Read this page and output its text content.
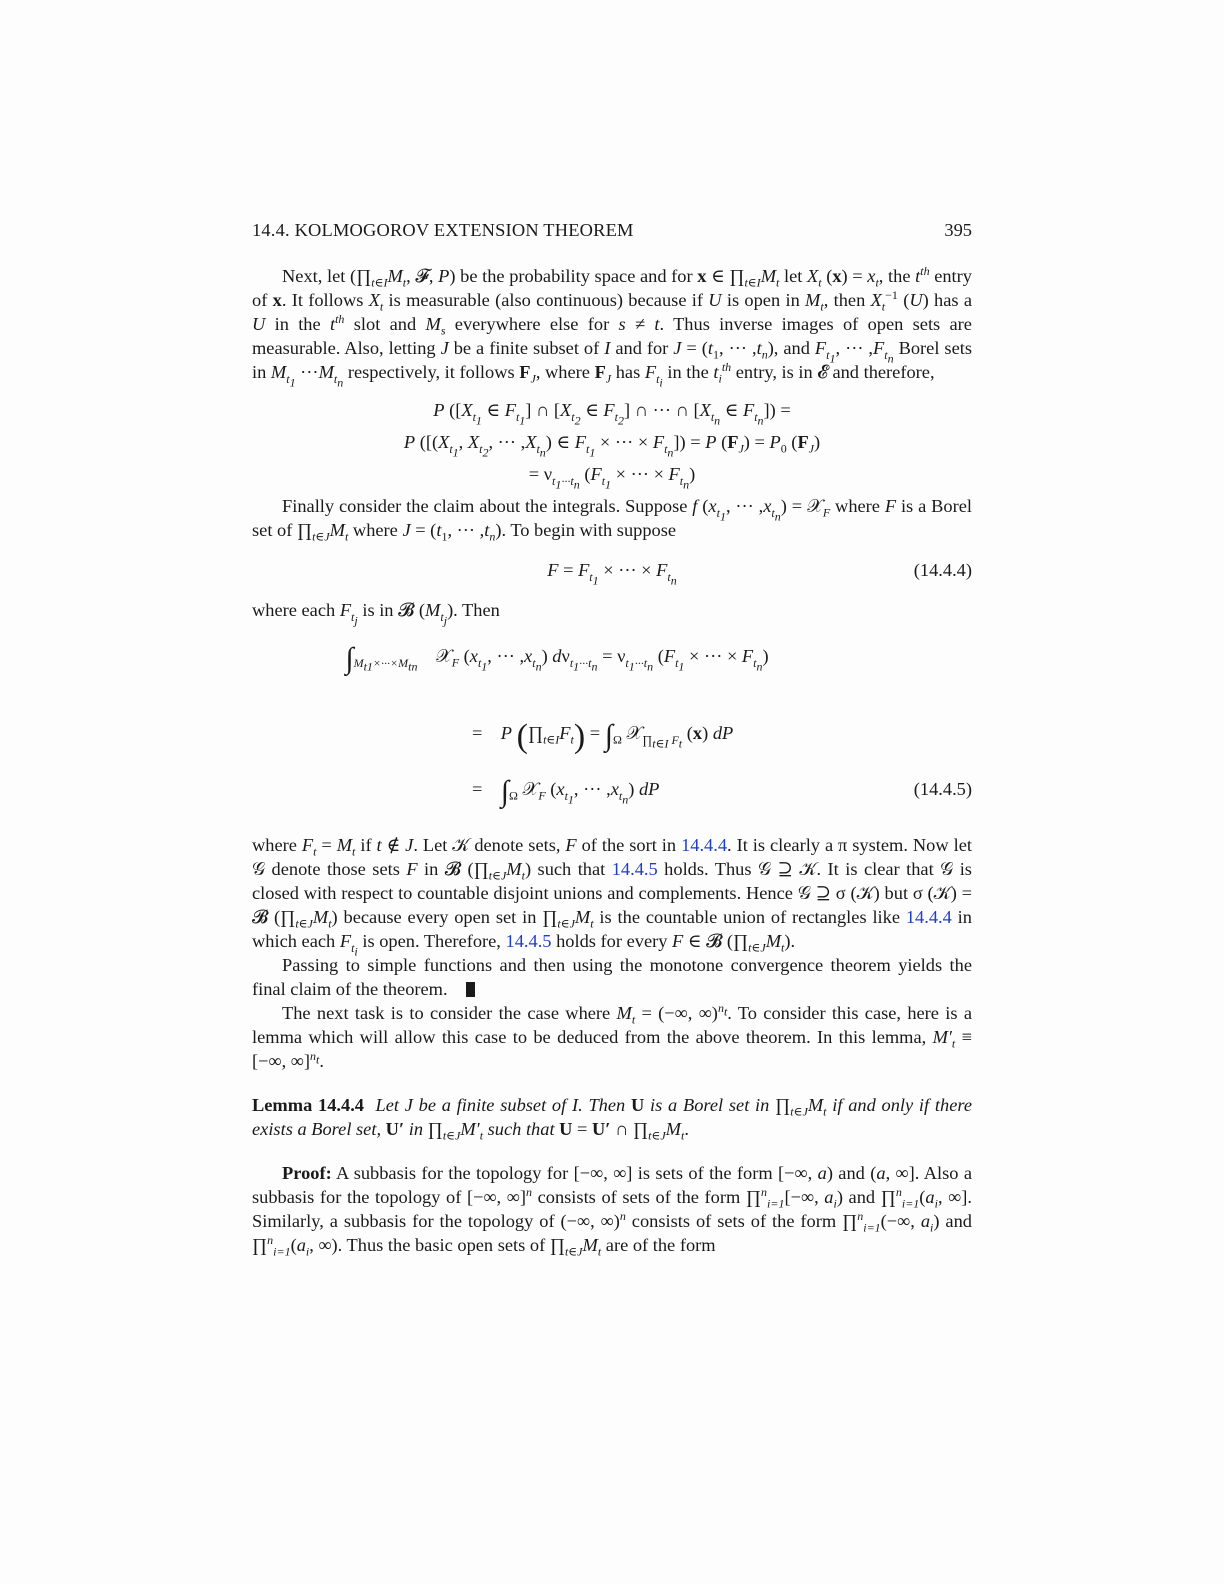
14.4. KOLMOGOROV EXTENSION THEOREM	395

Next, let ($\prod_{t\in I}M_t$, 𝓕, P) be the probability space and for x ∈ $\prod_{t\in I}M_t$ let $X_t$ $(x) = x_t$, the $t^{th}$ entry of x. It follows $X_t$ is measurable (also continuous) because if U is open in $M_t$, then $X_t^{-1}$ (U) has a U in the $t^{th}$ slot and $M_s$ everywhere else for s ≠ t. Thus inverse images of open sets are measurable. Also, letting J be a finite subset of I and for $J = (t_1$, ··· $,t_n$), and $F_{t_1}$, ··· $,F_{t_n}$ Borel sets in $M_{t_1} \cdot\cdot\cdot M_{t_n}$ respectively, it follows $F_J$, where $F_J$ has $F_{t_i}$ in the $t_i^{th}$ entry, is in 𝓔 and therefore,

P ([$X_{t_1}$ ∈ $F_{t_1}$] ∩ [$X_{t_2}$ ∈ $F_{t_2}$] ∩ ··· ∩ [$X_{t_n}$ ∈ $F_{t_n}$]) =
P ([($X_{t_1}$, $X_{t_2}$, ··· $,X_{t_n}$) ∈ $F_{t_1}$ × ··· × $F_{t_n}]) = P$ $(F_J) = P_0$ $(F_J)$
= $\nu_{t_1\cdot\cdot\cdot t_n}$ ($F_{t_1}$ × ··· × $F_{t_n}$)

Finally consider the claim about the integrals. Suppose f ($x_{t_1}$, ··· $,x_{t_n}$) = 𝒳$_F$ where F is a Borel set of $\prod_{t\in J}M_t$ where $J = (t_1$, ··· $,t_n$). To begin with suppose

$F = F_{t_1}$ × ··· × $F_{t_n}$
(14.4.4)

where each $F_{t_j}$ is in 𝓑 $(M_{t_j})$. Then

$\int_{M_{t1}\times\cdot\cdot\cdot\times M_{tn}}$    𝒳$_F$ ($x_{t_1}$, ··· $,x_{t_n}$) $d\nu_{t_1\cdot\cdot\cdot t_n} = \nu_{t_1\cdot\cdot\cdot t_n}$ ($F_{t_1}$ × ··· × $F_{t_n}$)
=    P $(\prod_{t\in I}F_t) = \int_\Omega$ 𝒳$_{\prod_{t\in I} F_t}$ (x) dP
=    $\int_\Omega$ 𝒳$_F$ ($x_{t_1}$, ··· $,x_{t_n}$) dP	(14.4.5)

where $F_t = M_t$ if t ∉ J. Let 𝒦 denote sets, F of the sort in 14.4.4. It is clearly a π system. Now let 𝒢 denote those sets F in 𝓑 $(\prod_{t\in J}M_t)$ such that 14.4.5 holds. Thus 𝒢 ⊇ 𝒦. It is clear that 𝒢 is closed with respect to countable disjoint unions and complements. Hence 𝒢 ⊇ σ (𝒦) but σ (𝒦) = 𝓑 $(\prod_{t\in J}M_t)$ because every open set in $\prod_{t\in J}M_t$ is the countable union of rectangles like 14.4.4 in which each $F_{t_i}$ is open. Therefore, 14.4.5 holds for every F ∈ 𝓑 $(\prod_{t\in J}M_t)$.

Passing to simple functions and then using the monotone convergence theorem yields the final claim of the theorem.

The next task is to consider the case where $M_t$ = (−∞, ∞)$^{n_t}$. To consider this case, here is a lemma which will allow this case to be deduced from the above theorem. In this lemma, $M'_t$ ≡ [−∞, ∞]$^{n_t}$.

Lemma 14.4.4 Let J be a finite subset of I. Then U is a Borel set in $\prod_{t\in J}M_t$ if and only if there exists a Borel set, U′ in $\prod_{t\in J}M'_t$ such that U = U′ ∩ $\prod_{t\in J}M_t$.

Proof: A subbasis for the topology for [−∞, ∞] is sets of the form [−∞, a) and (a, ∞]. Also a subbasis for the topology of [−∞, ∞]$^n$ consists of sets of the form ∏$^n_{i=1}$[−∞, $a_i$) and $\prod^n_{i=1}(a_i$, ∞]. Similarly, a subbasis for the topology of (−∞, ∞)$^n$ consists of sets of the form ∏$^n_{i=1}$(−∞, $a_i$) and $\prod^n_{i=1}(a_i$, ∞). Thus the basic open sets of $\prod_{t\in J}M_t$ are of the form
